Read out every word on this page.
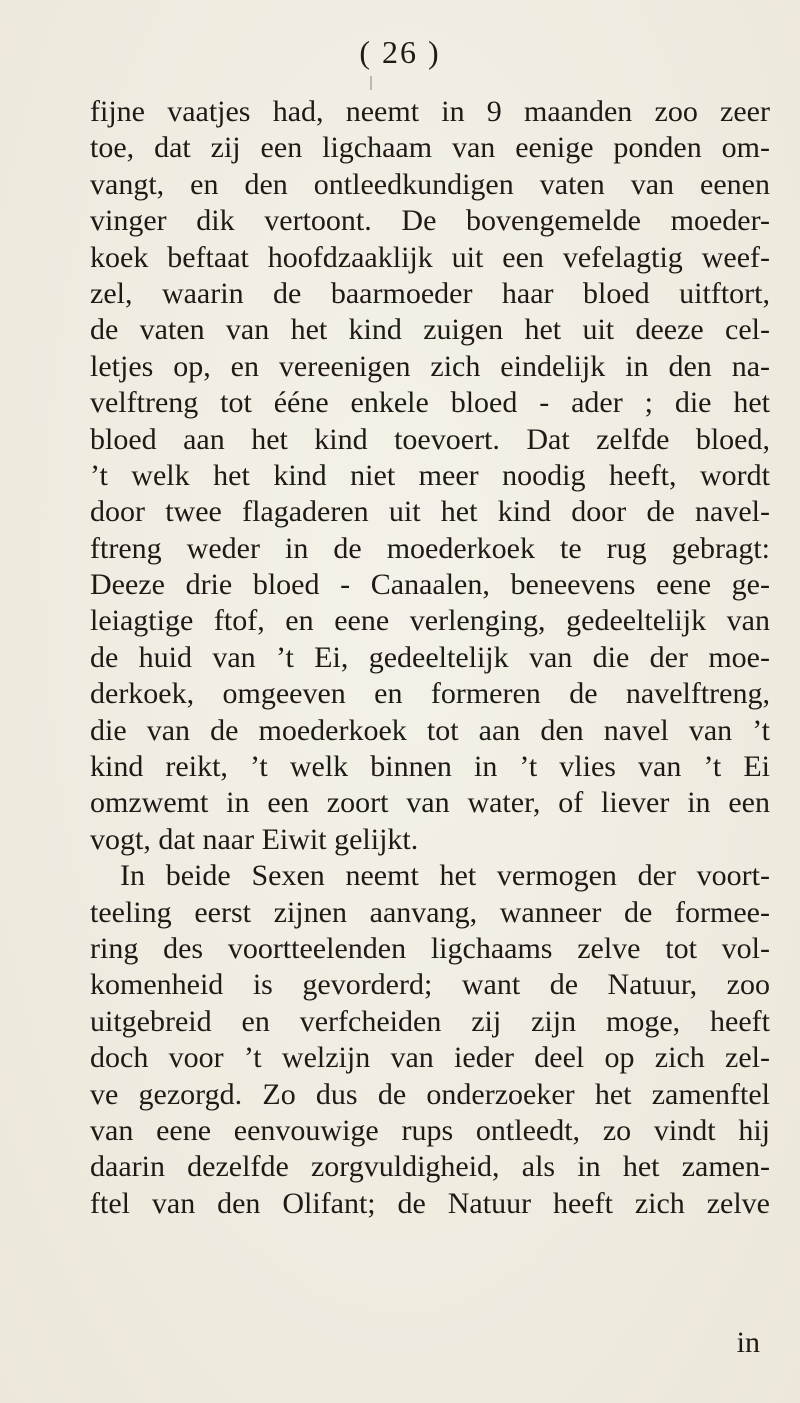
( 26 )
fijne vaatjes had, neemt in 9 maanden zoo zeer
toe, dat zij een ligchaam van eenige ponden om-
vangt, en den ontleedkundigen vaten van eenen
vinger dik vertoont. De bovengemelde moeder-
koek beftaat hoofdzaaklijk uit een vefelagtig weef-
zel, waarin de baarmoeder haar bloed uitftort,
de vaten van het kind zuigen het uit deeze cel-
letjes op, en vereenigen zich eindelijk in den na-
velftreng tot ééne enkele bloed - ader ; die het
bloed aan het kind toevoert. Dat zelfde bloed,
’t welk het kind niet meer noodig heeft, wordt
door twee flagaderen uit het kind door de navel-
ftreng weder in de moederkoek te rug gebragt:
Deeze drie bloed - Canaalen, beneevens eene ge-
leiagtige ftof, en eene verlenging, gedeeltelijk van
de huid van ’t Ei, gedeeltelijk van die der moe-
derkoek, omgeeven en formeren de navelftreng,
die van de moederkoek tot aan den navel van ’t
kind reikt, ’t welk binnen in ’t vlies van ’t Ei
omzwemt in een zoort van water, of liever in een
vogt, dat naar Eiwit gelijkt.
In beide Sexen neemt het vermogen der voort-
teeling eerst zijnen aanvang, wanneer de formee-
ring des voortteelenden ligchaams zelve tot vol-
komenheid is gevorderd; want de Natuur, zoo
uitgebreid en verfcheiden zij zijn moge, heeft
doch voor ’t welzijn van ieder deel op zich zel-
ve gezorgd. Zo dus de onderzoeker het zamenftel
van eene eenvouwige rups ontleedt, zo vindt hij
daarin dezelfde zorgvuldigheid, als in het zamen-
ftel van den Olifant; de Natuur heeft zich zelve
in
